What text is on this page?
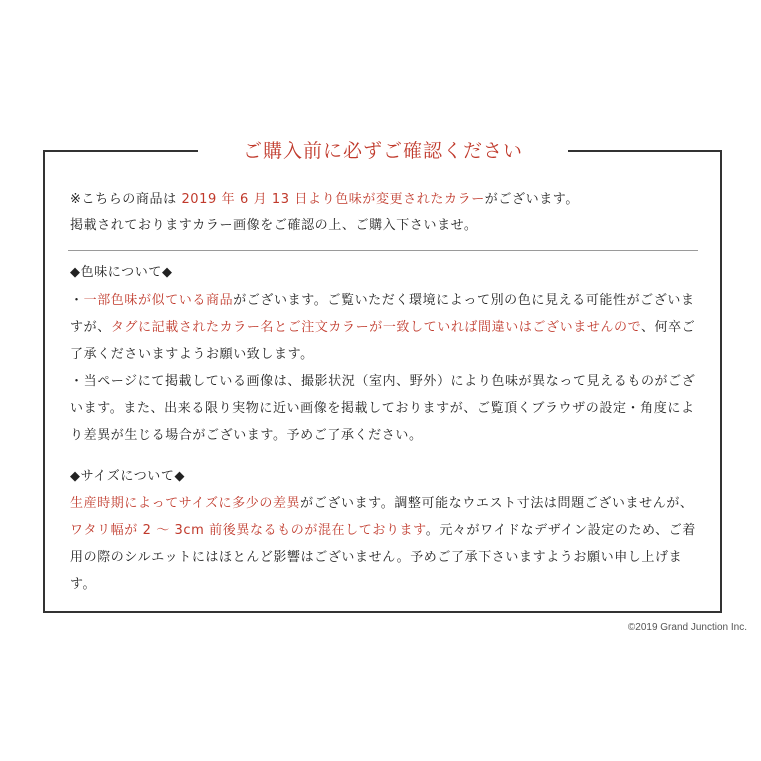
ご購入前に必ずご確認ください

※こちらの商品は 2019 年 6 月 13 日より色味が変更されたカラーがございます。

掲載されておりますカラー画像をご確認の上、ご購入下さいませ。

◆色味について◆

・一部色味が似ている商品がございます。ご覧いただく環境によって別の色に見える可能性がございますが、タグに記載されたカラー名とご注文カラーが一致していれば間違いはございませんので、何卒ご了承くださいますようお願い致します。
・当ページにて掲載している画像は、撮影状況（室内、野外）により色味が異なって見えるものがございます。また、出来る限り実物に近い画像を掲載しておりますが、ご覧頂くブラウザの設定・角度により差異が生じる場合がございます。予めご了承ください。

◆サイズについて◆

生産時期によってサイズに多少の差異がございます。調整可能なウエスト寸法は問題ございませんが、ワタリ幅が 2 ～ 3cm 前後異なるものが混在しております。元々がワイドなデザイン設定のため、ご着用の際のシルエットにはほとんど影響はございません。予めご了承下さいますようお願い申し上げます。

©2019 Grand Junction Inc.
